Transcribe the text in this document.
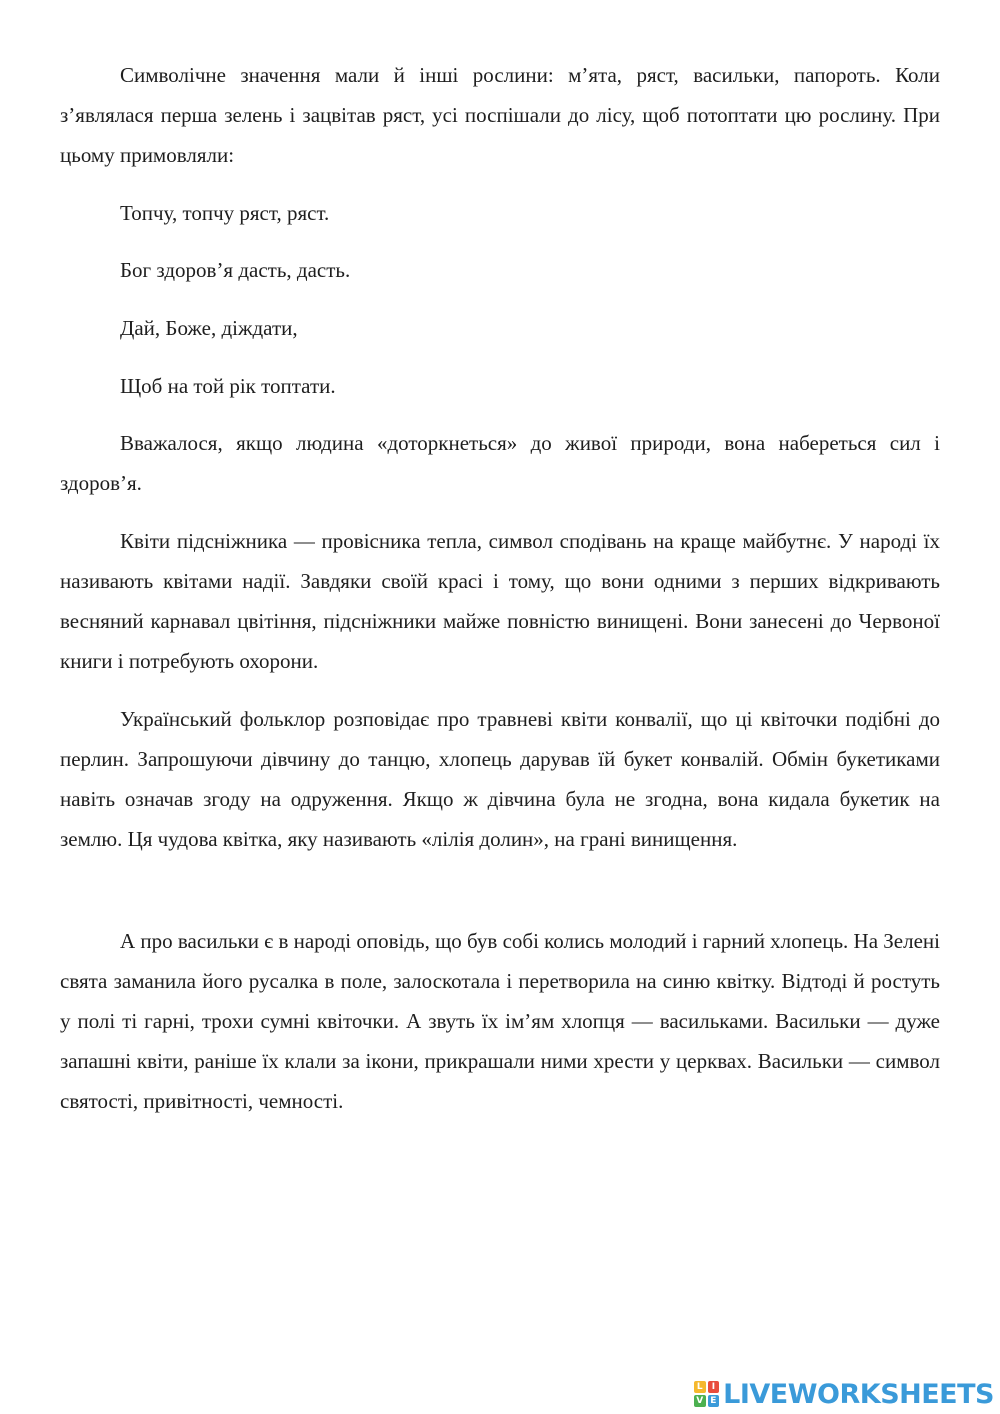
Символічне значення мали й інші рослини: м’ята, ряст, васильки, папороть. Коли з’являлася перша зелень і зацвітав ряст, усі поспішали до лісу, щоб потоптати цю рослину. При цьому примовляли:

Топчу, топчу ряст, ряст.

Бог здоров’я дасть, дасть.

Дай, Боже, діждати,

Щоб на той рік топтати.

Вважалося, якщо людина «доторкнеться» до живої природи, вона набереться сил і здоров’я.

Квіти підсніжника — провісника тепла, символ сподівань на краще майбутнє. У народі їх називають квітами надії. Завдяки своїй красі і тому, що вони одними з перших відкривають весняний карнавал цвітіння, підсніжники майже повністю винищені. Вони занесені до Червоної книги і потребують охорони.

Український фольклор розповідає про травневі квіти конвалії, що ці квіточки подібні до перлин. Запрошуючи дівчину до танцю, хлопець дарував їй букет конвалій. Обмін букетиками навіть означав згоду на одруження. Якщо ж дівчина була не згодна, вона кидала букетик на землю. Ця чудова квітка, яку називають «лілія долин», на грані винищення.

А про васильки є в народі оповідь, що був собі колись молодий і гарний хлопець. На Зелені свята заманила його русалка в поле, залоскотала і перетворила на синю квітку. Відтоді й ростуть у полі ті гарні, трохи сумні квіточки. А звуть їх ім’ям хлопця — васильками. Васильки — дуже запашні квіти, раніше їх клали за ікони, прикрашали ними хрести у церквах. Васильки — символ святості, привітності, чемності.

L	I
V E LIVEWORKSHEETS
